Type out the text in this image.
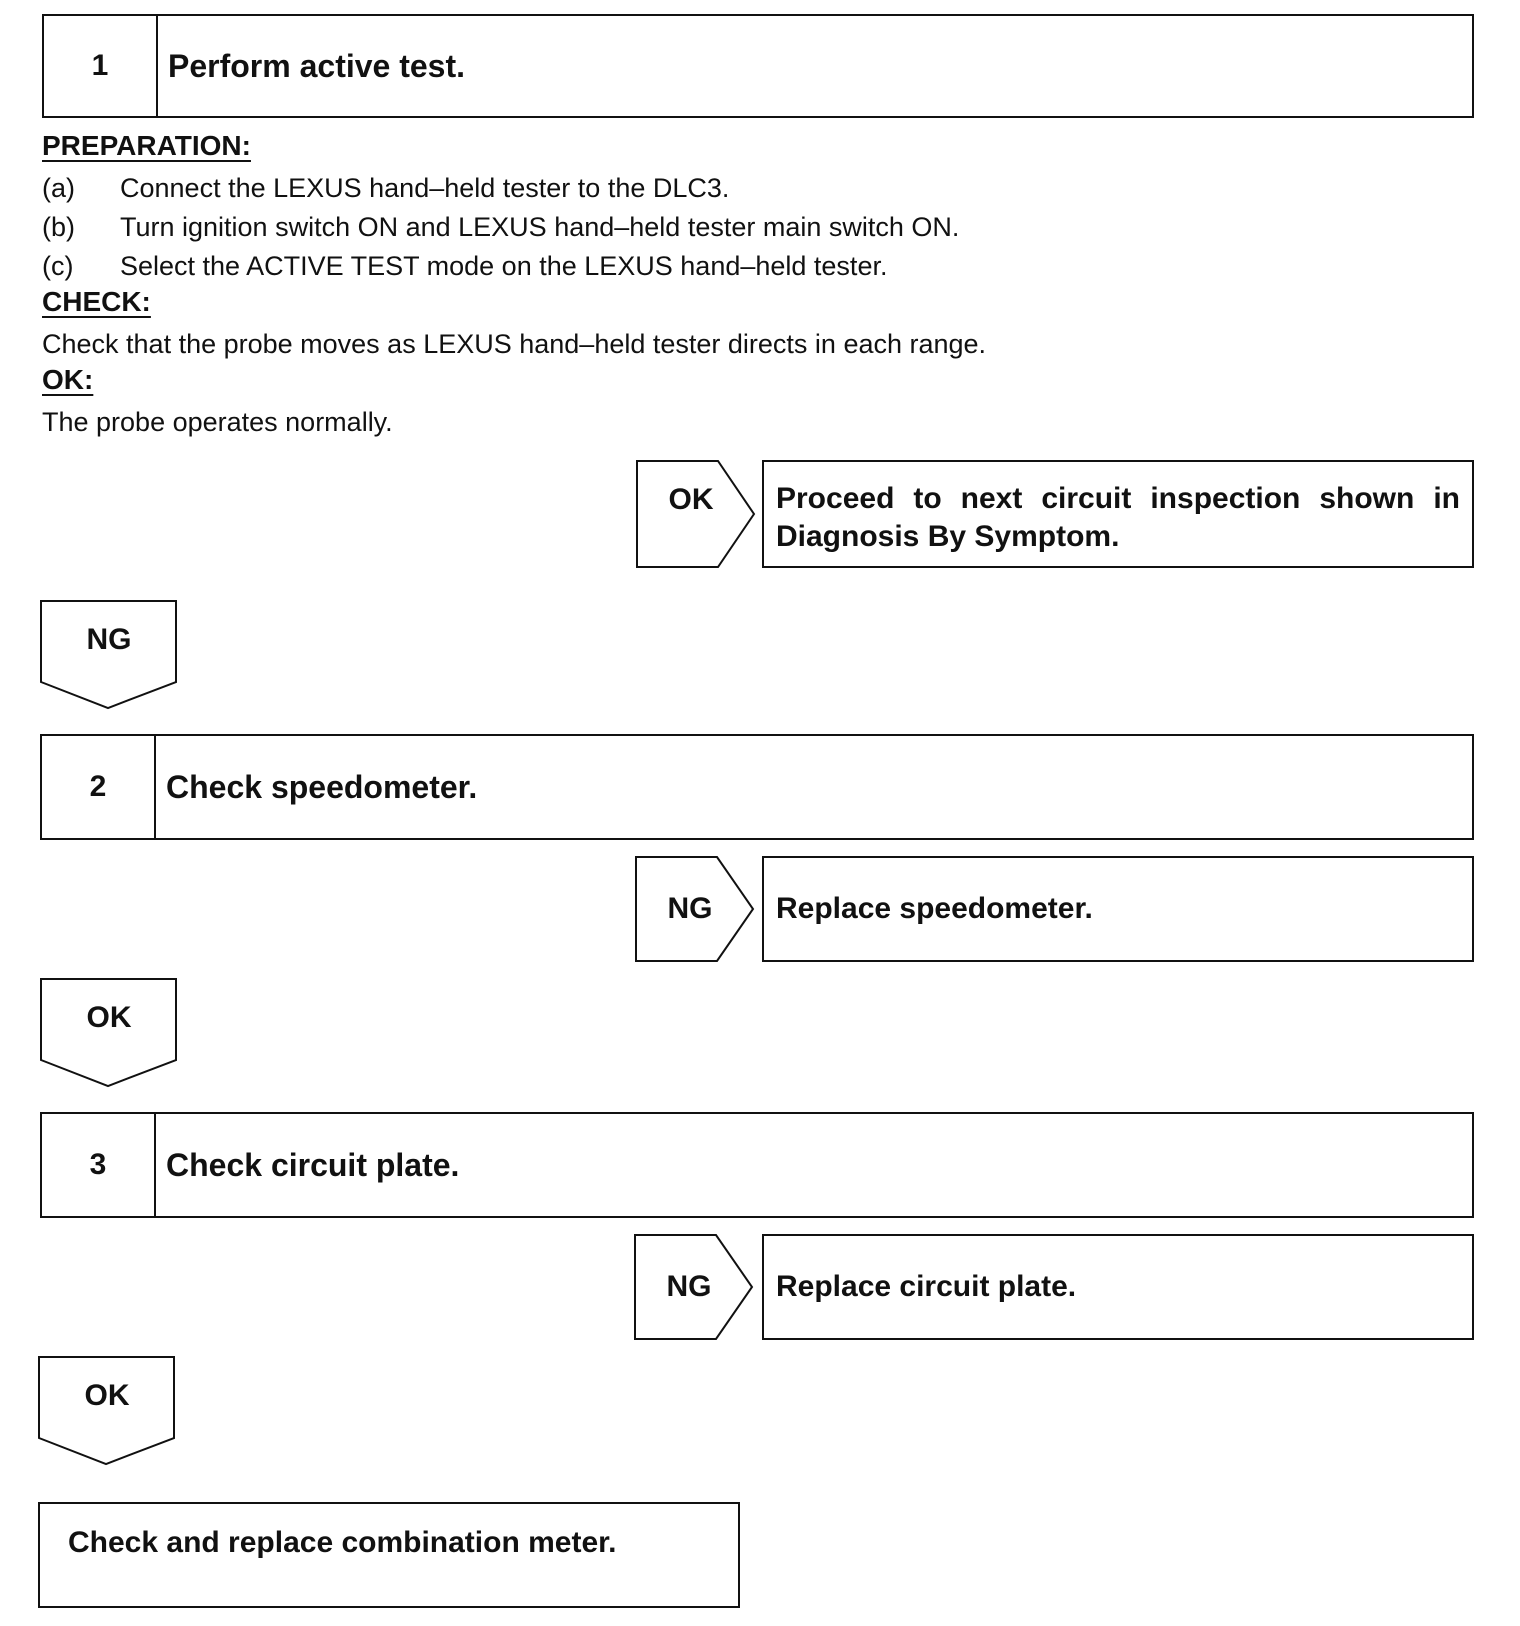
1	Perform active test.
PREPARATION:
(a)	Connect the LEXUS hand–held tester to the DLC3.
(b)	Turn ignition switch ON and LEXUS hand–held tester main switch ON.
(c)	Select the ACTIVE TEST mode on the LEXUS hand–held tester.
CHECK:
Check that the probe moves as LEXUS hand–held tester directs in each range.
OK:
The probe operates normally.
OK	Proceed to next circuit inspection shown in Diagnosis By Symptom.
NG
2	Check speedometer.
NG	Replace speedometer.
OK
3	Check circuit plate.
NG	Replace circuit plate.
OK
Check and replace combination meter.
